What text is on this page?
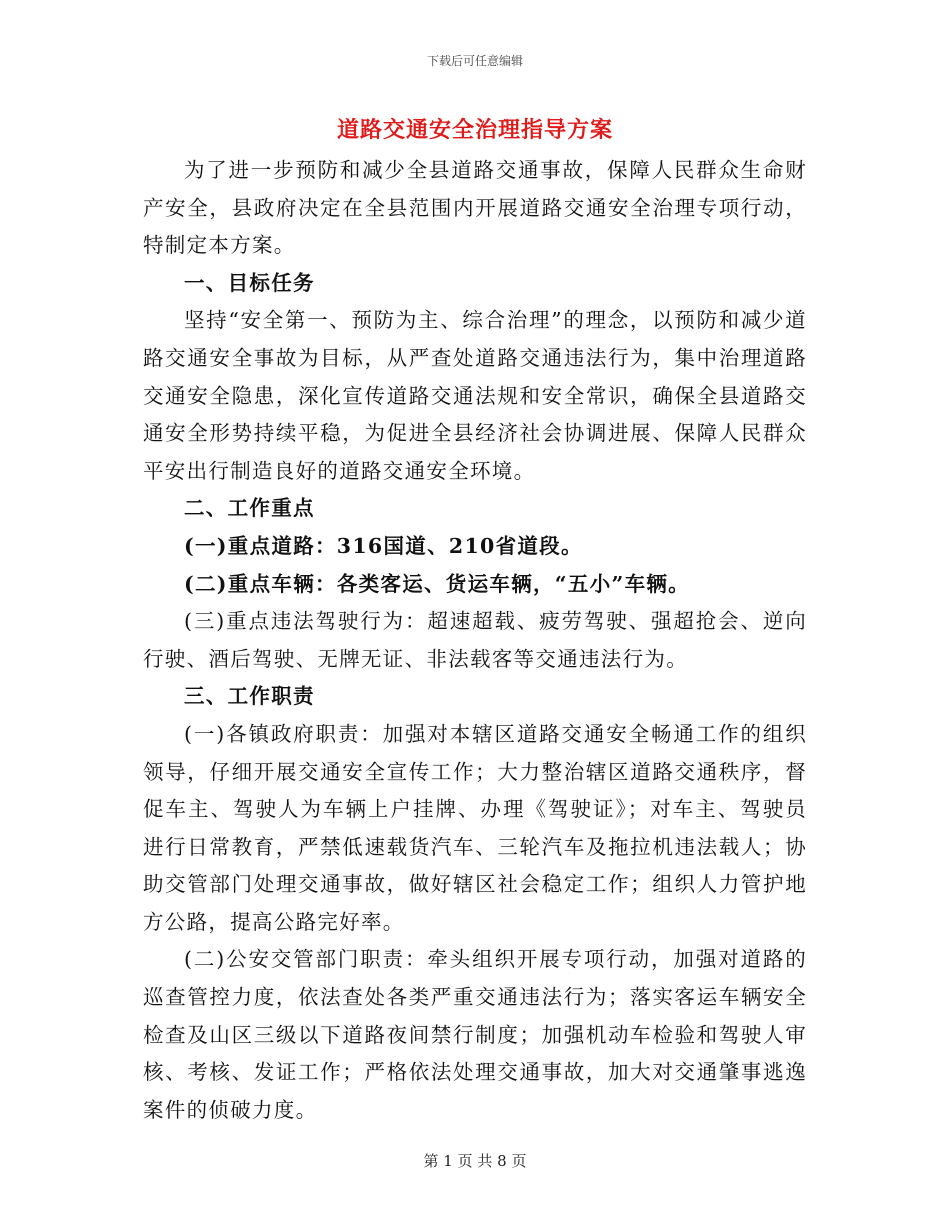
下载后可任意编辑
道路交通安全治理指导方案

为了进一步预防和减少全县道路交通事故，保障人民群众生命财产安全，县政府决定在全县范围内开展道路交通安全治理专项行动，特制定本方案。

一、目标任务

坚持“安全第一、预防为主、综合治理”的理念，以预防和减少道路交通安全事故为目标，从严查处道路交通违法行为，集中治理道路交通安全隐患，深化宣传道路交通法规和安全常识，确保全县道路交通安全形势持续平稳，为促进全县经济社会协调进展、保障人民群众平安出行制造良好的道路交通安全环境。

二、工作重点

(一)重点道路：316国道、210省道段。

(二)重点车辆：各类客运、货运车辆，“五小”车辆。

(三)重点违法驾驶行为：超速超载、疲劳驾驶、强超抢会、逆向行驶、酒后驾驶、无牌无证、非法载客等交通违法行为。

三、工作职责

(一)各镇政府职责：加强对本辖区道路交通安全畅通工作的组织领导，仔细开展交通安全宣传工作；大力整治辖区道路交通秩序，督促车主、驾驶人为车辆上户挂牌、办理《驾驶证》；对车主、驾驶员进行日常教育，严禁低速载货汽车、三轮汽车及拖拉机违法载人；协助交管部门处理交通事故，做好辖区社会稳定工作；组织人力管护地方公路，提高公路完好率。

(二)公安交管部门职责：牵头组织开展专项行动，加强对道路的巡查管控力度，依法查处各类严重交通违法行为；落实客运车辆安全检查及山区三级以下道路夜间禁行制度；加强机动车检验和驾驶人审核、考核、发证工作；严格依法处理交通事故，加大对交通肇事逃逸案件的侦破力度。

第 1 页 共 8 页
